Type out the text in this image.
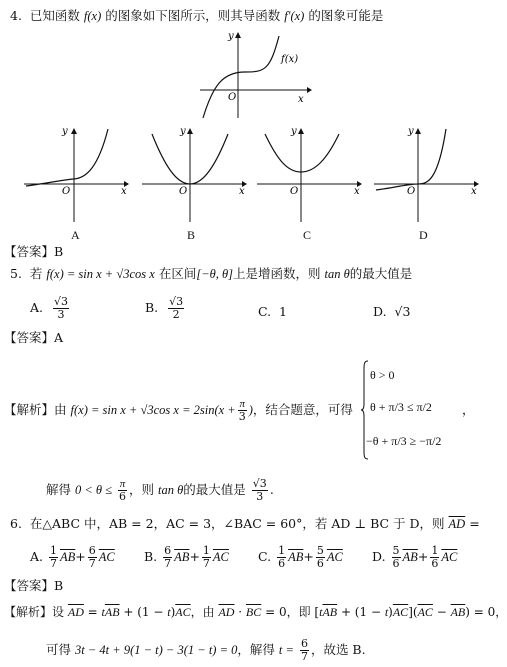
4. 已知函数 f(x) 的图象如下图所示，则其导函数 f′(x) 的图象可能是
y
x
O
f(x)
y
x
O
A
y
x
O
B
y
x
O
C
y
x
O
D
【答案】B
5. 若 f(x) = sin x + √3cos x 在区间[−θ, θ]上是增函数，则 tan θ的最大值是
A. $\frac{√3}{3}$	B. $\frac{√3}{2}$	C. 1	D. √3
【答案】A
【解析】由 f(x) = sin x + √3cos $x = 2\sin(x + \frac{\pi}{3}$ )，结合题意，可得
θ > 0
θ + π/3 ≤ π/2
−θ + π/3 ≥ −π/2
，
解得 $0 < \theta \le \frac{\pi}{6}$ ，则 tan θ的最大值是 $\frac{√3}{3}$ .
6. 在△ABC 中，AB = 2，AC = 3，∠BAC = 60°，若 AD ⊥ BC 于 D，则 $\overline{AD}$ =
A. $\frac{1}{7} \overline{AB}+ \frac{6}{7} \overline{AC}$ B. $\frac{6}{7} \overline{AB}+ \frac{1}{7} \overline{AC}$ C. $\frac{1}{6} \overline{AB}+ \frac{5}{6} \overline{AC}$ D. $\frac{5}{6} \overline{AB}+ \frac{1}{6} \overline{AC}$
【答案】B
【解析】设 $\overline{AD} = t\overline{AB} + (1 - t)\overline{AC}$，由 $\overline{AD} \cdot \overline{BC} = 0$，即 $[t\overline{AB} + (1 - t)\overline{AC}](\overline{AC} - \overline{AB}) = 0$，
可得 3t − 4t + 9(1 − t) − 3(1 − t) = 0，解得 $t = \frac{6}{7}$ ，故选 B.
